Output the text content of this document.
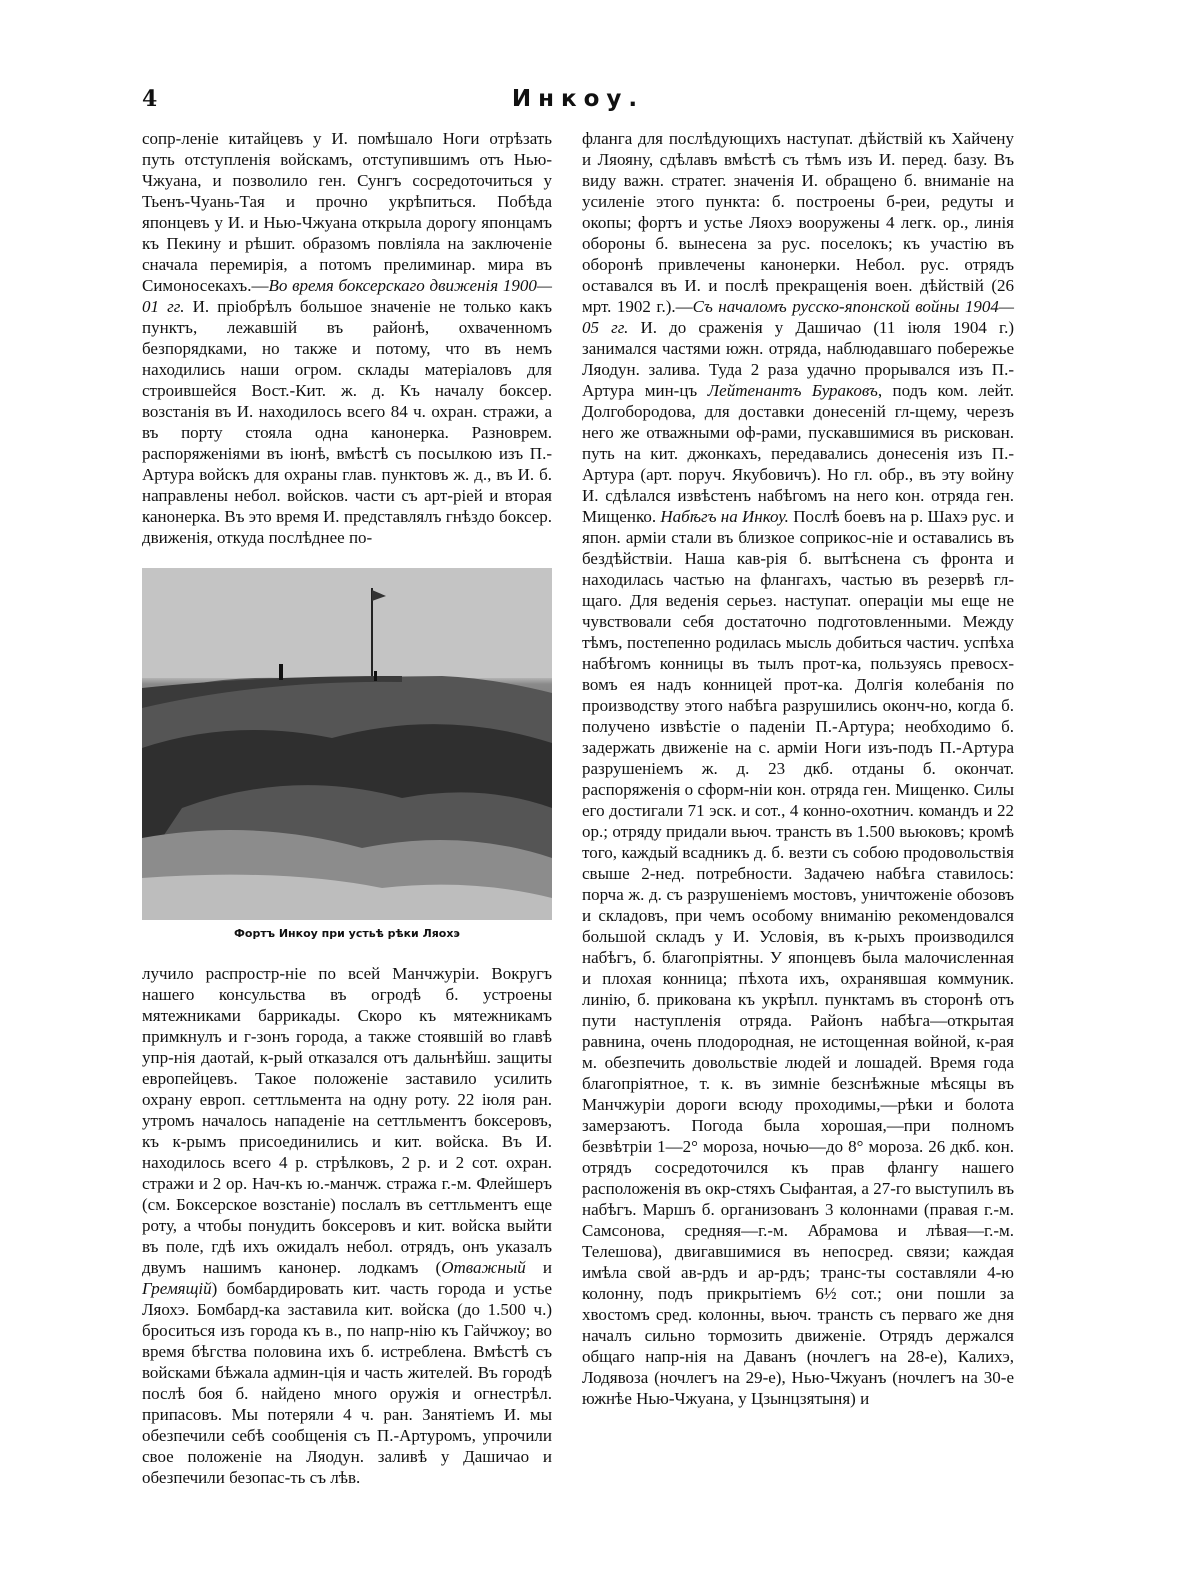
4	Инкоу.

сопр-леніе китайцевъ у И. помѣшало Ноги отрѣзать путь отступленія войскамъ, отступившимъ отъ Нью-Чжуана, и позволило ген. Сунгъ сосредоточиться у Тьенъ-Чуань-Тая и прочно укрѣпиться. Побѣда японцевъ у И. и Нью-Чжуана открыла дорогу японцамъ къ Пекину и рѣшит. образомъ повліяла на заключеніе сначала перемирія, а потомъ прелиминар. мира въ Симоносекахъ.—Во время боксерскаго движенія 1900—01 гг. И. пріобрѣлъ большое значеніе не только какъ пунктъ, лежавшій въ районѣ, охваченномъ безпорядками, но также и потому, что въ немъ находились наши огром. склады матеріаловъ для строившейся Вост.-Кит. ж. д. Къ началу боксер. возстанія въ И. находилось всего 84 ч. охран. стражи, а въ порту стояла одна канонерка. Разноврем. распоряженіями въ іюнѣ, вмѣстѣ съ посылкою изъ П.-Артура войскъ для охраны глав. пунктовъ ж. д., въ И. б. направлены небол. войсков. части съ арт-ріей и вторая канонерка. Въ это время И. представлялъ гнѣздо боксер. движенія, откуда послѣднее по-

Фортъ Инкоу при устьѣ рѣки Ляохэ

лучило распростр-ніе по всей Манчжуріи. Вокругъ нашего консульства въ огродѣ б. устроены мятежниками баррикады. Скоро къ мятежникамъ примкнулъ и г-зонъ города, а также стоявшій во главѣ упр-нія даотай, к-рый отказался отъ дальнѣйш. защиты европейцевъ. Такое положеніе заставило усилить охрану европ. сеттльмента на одну роту. 22 іюля ран. утромъ началось нападеніе на сеттльментъ боксеровъ, къ к-рымъ присоединились и кит. войска. Въ И. находилось всего 4 р. стрѣлковъ, 2 р. и 2 сот. охран. стражи и 2 ор. Нач-къ ю.-манчж. стража г.-м. Флейшеръ (см. Боксерское возстаніе) послалъ въ сеттльментъ еще роту, а чтобы понудить боксеровъ и кит. войска выйти въ поле, гдѣ ихъ ожидалъ небол. отрядъ, онъ указалъ двумъ нашимъ канонер. лодкамъ (Отважный и Гремящій) бомбардировать кит. часть города и устье Ляохэ. Бомбард-ка заставила кит. войска (до 1.500 ч.) броситься изъ города къ в., по напр-нію къ Гайчжоу; во время бѣгства половина ихъ б. истреблена. Вмѣстѣ съ войсками бѣжала админ-ція и часть жителей. Въ городѣ послѣ боя б. найдено много оружія и огнестрѣл. припасовъ. Мы потеряли 4 ч. ран. Занятіемъ И. мы обезпечили себѣ сообщенія съ П.-Артуромъ, упрочили свое положеніе на Ляодун. заливѣ у Дашичао и обезпечили безопас-ть съ лѣв.

фланга для послѣдующихъ наступат. дѣйствій къ Хайчену и Ляояну, сдѣлавъ вмѣстѣ съ тѣмъ изъ И. перед. базу. Въ виду важн. стратег. значенія И. обращено б. вниманіе на усиленіе этого пункта: б. построены б-реи, редуты и окопы; фортъ и устье Ляохэ вооружены 4 легк. ор., линія обороны б. вынесена за рус. поселокъ; къ участію въ оборонѣ привлечены канонерки. Небол. рус. отрядъ оставался въ И. и послѣ прекращенія воен. дѣйствій (26 мрт. 1902 г.).—Съ началомъ русско-японской войны 1904—05 гг. И. до сраженія у Дашичао (11 іюля 1904 г.) занимался частями южн. отряда, наблюдавшаго побережье Ляодун. залива. Туда 2 раза удачно прорывался изъ П.-Артура мин-цъ Лейтенантъ Бураковъ, подъ ком. лейт. Долгобородова, для доставки донесеній гл-щему, черезъ него же отважными оф-рами, пускавшимися въ рискован. путь на кит. джонкахъ, передавались донесенія изъ П.-Артура (арт. поруч. Якубовичъ). Но гл. обр., въ эту войну И. сдѣлался извѣстенъ набѣгомъ на него кон. отряда ген. Мищенко. Набѣгъ на Инкоу. Послѣ боевъ на р. Шахэ рус. и япон. арміи стали въ близкое соприкос-ніе и оставались въ бездѣйствіи. Наша кав-рія б. вытѣснена съ фронта и находилась частью на флангахъ, частью въ резервѣ гл-щаго. Для веденія серьез. наступат. операціи мы еще не чувствовали себя достаточно подготовленными. Между тѣмъ, постепенно родилась мысль добиться частич. успѣха набѣгомъ конницы въ тылъ прот-ка, пользуясь превосх-вомъ ея надъ конницей прот-ка. Долгія колебанія по производству этого набѣга разрушились оконч-но, когда б. получено извѣстіе о паденіи П.-Артура; необходимо б. задержать движеніе на с. арміи Ноги изъ-подъ П.-Артура разрушеніемъ ж. д. 23 дкб. отданы б. окончат. распоряженія о сформ-ніи кон. отряда ген. Мищенко. Силы его достигали 71 эск. и сот., 4 конно-охотнич. командъ и 22 ор.; отряду придали вьюч. трансть въ 1.500 вьюковъ; кромѣ того, каждый всадникъ д. б. везти съ собою продовольствія свыше 2-нед. потребности. Задачею набѣга ставилось: порча ж. д. съ разрушеніемъ мостовъ, уничтоженіе обозовъ и складовъ, при чемъ особому вниманію рекомендовался большой складъ у И. Условія, въ к-рыхъ производился набѣгъ, б. благопріятны. У японцевъ была малочисленная и плохая конница; пѣхота ихъ, охранявшая коммуник. линію, б. прикована къ укрѣпл. пунктамъ въ сторонѣ отъ пути наступленія отряда. Районъ набѣга—открытая равнина, очень плодородная, не истощенная войной, к-рая м. обезпечить довольствіе людей и лошадей. Время года благопріятное, т. к. въ зимніе безснѣжные мѣсяцы въ Манчжуріи дороги всюду проходимы,—рѣки и болота замерзаютъ. Погода была хорошая,—при полномъ безвѣтріи 1—2° мороза, ночью—до 8° мороза. 26 дкб. кон. отрядъ сосредоточился къ прав флангу нашего расположенія въ окр-стяхъ Сыфантая, а 27-го выступилъ въ набѣгъ. Маршъ б. организованъ 3 колоннами (правая г.-м. Самсонова, средняя—г.-м. Абрамова и лѣвая—г.-м. Телешова), двигавшимися въ непосред. связи; каждая имѣла свой ав-рдъ и ар-рдъ; транс-ты составляли 4-ю колонну, подъ прикрытіемъ 6½ сот.; они пошли за хвостомъ сред. колонны, вьюч. трансть съ перваго же дня началъ сильно тормозить движеніе. Отрядъ держался общаго напр-нія на Даванъ (ночлегъ на 28-е), Калихэ, Лодявоза (ночлегъ на 29-е), Нью-Чжуанъ (ночлегъ на 30-е южнѣе Нью-Чжуана, у Цзынцзятыня) и
